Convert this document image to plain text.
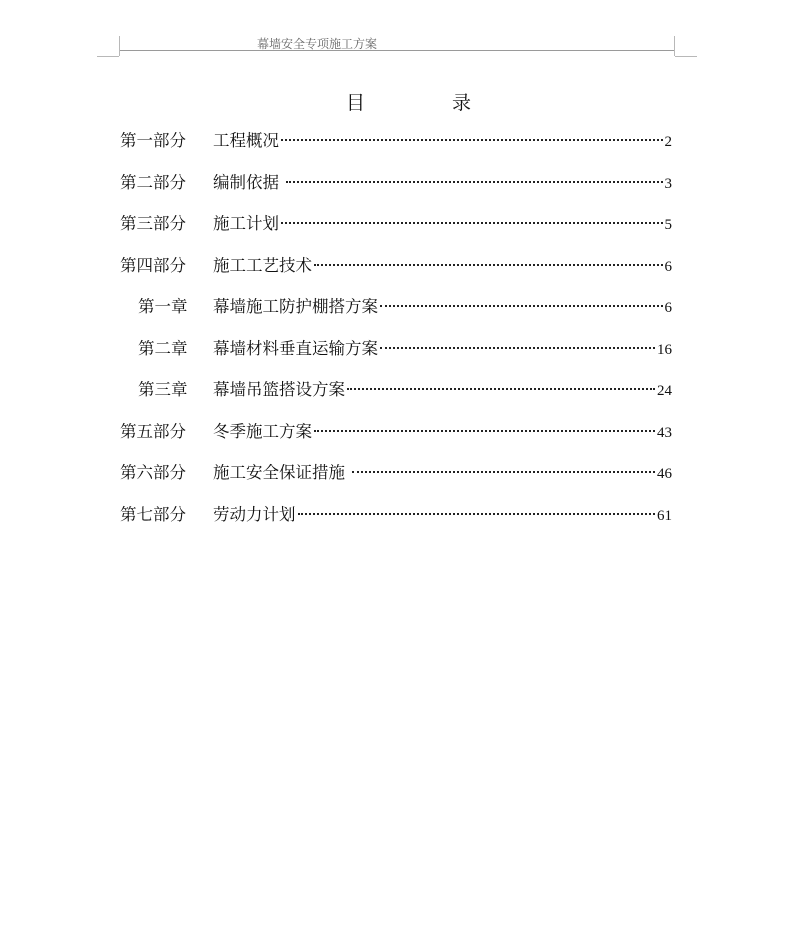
幕墙安全专项施工方案
目	录
第一部分 工程概况	2
第二部分 编制依据	3
第三部分 施工计划	5
第四部分 施工工艺技术	6
第一章 幕墙施工防护棚搭方案	6
第二章 幕墙材料垂直运输方案	16
第三章 幕墙吊篮搭设方案	24
第五部分 冬季施工方案	43
第六部分 施工安全保证措施	46
第七部分 劳动力计划	61
